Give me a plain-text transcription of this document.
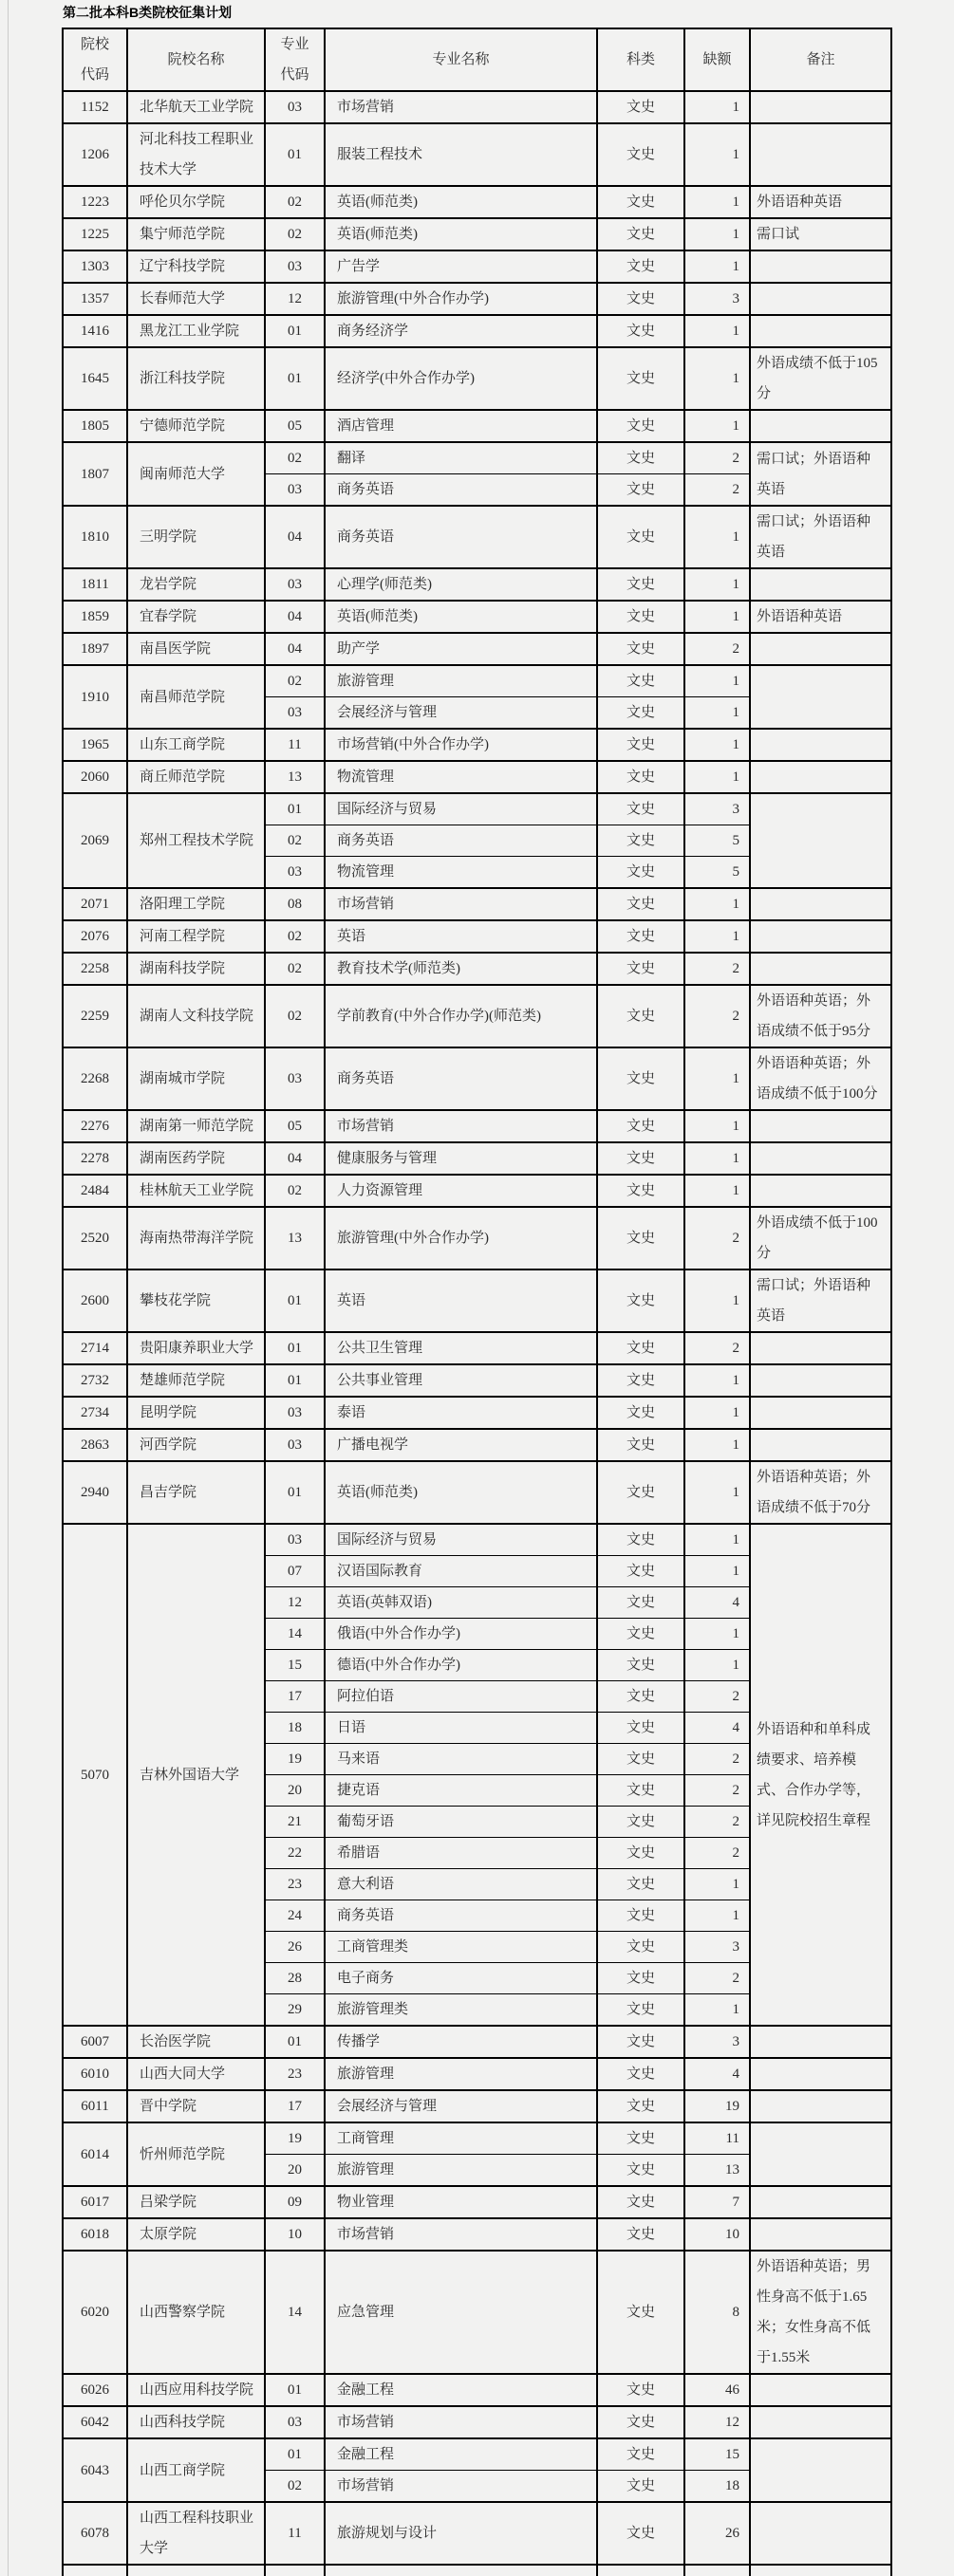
第二批本科B类院校征集计划
院校代码	院校名称	专业代码	专业名称	科类	缺额	备注
1152	北华航天工业学院	03	市场营销	文史	1	
1206	河北科技工程职业技术大学	01	服装工程技术	文史	1	
1223	呼伦贝尔学院	02	英语(师范类)	文史	1	外语语种英语
1225	集宁师范学院	02	英语(师范类)	文史	1	需口试
1303	辽宁科技学院	03	广告学	文史	1	
1357	长春师范大学	12	旅游管理(中外合作办学)	文史	3	
1416	黑龙江工业学院	01	商务经济学	文史	1	
1645	浙江科技学院	01	经济学(中外合作办学)	文史	1	外语成绩不低于105分
1805	宁德师范学院	05	酒店管理	文史	1	
1807	闽南师范大学	02	翻译	文史	2	需口试；外语语种英语
		03	商务英语	文史	2	
1810	三明学院	04	商务英语	文史	1	需口试；外语语种英语
1811	龙岩学院	03	心理学(师范类)	文史	1	
1859	宜春学院	04	英语(师范类)	文史	1	外语语种英语
1897	南昌医学院	04	助产学	文史	2	
1910	南昌师范学院	02	旅游管理	文史	1	
		03	会展经济与管理	文史	1	
1965	山东工商学院	11	市场营销(中外合作办学)	文史	1	
2060	商丘师范学院	13	物流管理	文史	1	
2069	郑州工程技术学院	01	国际经济与贸易	文史	3	
		02	商务英语	文史	5	
		03	物流管理	文史	5	
2071	洛阳理工学院	08	市场营销	文史	1	
2076	河南工程学院	02	英语	文史	1	
2258	湖南科技学院	02	教育技术学(师范类)	文史	2	
2259	湖南人文科技学院	02	学前教育(中外合作办学)(师范类)	文史	2	外语语种英语；外语成绩不低于95分
2268	湖南城市学院	03	商务英语	文史	1	外语语种英语；外语成绩不低于100分
2276	湖南第一师范学院	05	市场营销	文史	1	
2278	湖南医药学院	04	健康服务与管理	文史	1	
2484	桂林航天工业学院	02	人力资源管理	文史	1	
2520	海南热带海洋学院	13	旅游管理(中外合作办学)	文史	2	外语成绩不低于100分
2600	攀枝花学院	01	英语	文史	1	需口试；外语语种英语
2714	贵阳康养职业大学	01	公共卫生管理	文史	2	
2732	楚雄师范学院	01	公共事业管理	文史	1	
2734	昆明学院	03	泰语	文史	1	
2863	河西学院	03	广播电视学	文史	1	
2940	昌吉学院	01	英语(师范类)	文史	1	外语语种英语；外语成绩不低于70分
5070	吉林外国语大学	03	国际经济与贸易	文史	1	外语语种和单科成绩要求、培养模式、合作办学等，详见院校招生章程
		07	汉语国际教育	文史	1	
		12	英语(英韩双语)	文史	4	
		14	俄语(中外合作办学)	文史	1	
		15	德语(中外合作办学)	文史	1	
		17	阿拉伯语	文史	2	
		18	日语	文史	4	
		19	马来语	文史	2	
		20	捷克语	文史	2	
		21	葡萄牙语	文史	2	
		22	希腊语	文史	2	
		23	意大利语	文史	1	
		24	商务英语	文史	1	
		26	工商管理类	文史	3	
		28	电子商务	文史	2	
		29	旅游管理类	文史	1	
6007	长治医学院	01	传播学	文史	3	
6010	山西大同大学	23	旅游管理	文史	4	
6011	晋中学院	17	会展经济与管理	文史	19	
6014	忻州师范学院	19	工商管理	文史	11	
		20	旅游管理	文史	13	
6017	吕梁学院	09	物业管理	文史	7	
6018	太原学院	10	市场营销	文史	10	
6020	山西警察学院	14	应急管理	文史	8	外语语种英语；男性身高不低于1.65米；女性身高不低于1.55米
6026	山西应用科技学院	01	金融工程	文史	46	
6042	山西科技学院	03	市场营销	文史	12	
6043	山西工商学院	01	金融工程	文史	15	
		02	市场营销	文史	18	
6078	山西工程科技职业大学	11	旅游规划与设计	文史	26	
